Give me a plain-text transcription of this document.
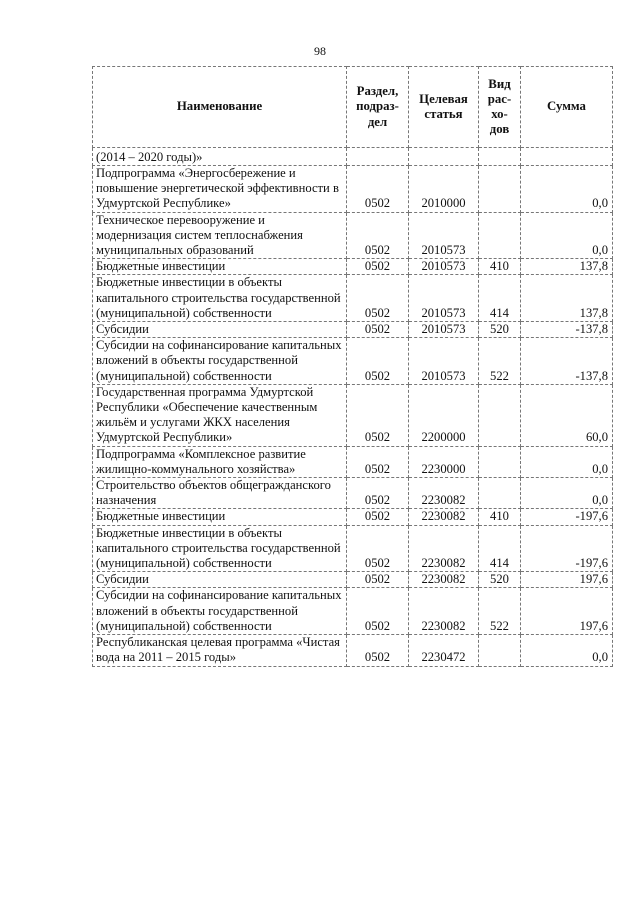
98
Наименование	Раздел, подраз-дел	Целевая статья	Вид рас-хо-дов	Сумма
(2014 – 2020 годы)»				
Подпрограмма «Энергосбережение и повышение энергетической эффективности в Удмуртской Республике»	0502	2010000		0,0
Техническое перевооружение и модернизация систем теплоснабжения муниципальных образований	0502	2010573		0,0
Бюджетные инвестиции	0502	2010573	410	137,8
Бюджетные инвестиции в объекты капитального строительства государственной (муниципальной) собственности	0502	2010573	414	137,8
Субсидии	0502	2010573	520	-137,8
Субсидии на софинансирование капитальных вложений в объекты государственной (муниципальной) собственности	0502	2010573	522	-137,8
Государственная программа Удмуртской Республики «Обеспечение качественным жильём и услугами ЖКХ населения Удмуртской Республики»	0502	2200000		60,0
Подпрограмма «Комплексное развитие жилищно-коммунального хозяйства»	0502	2230000		0,0
Строительство объектов общегражданского назначения	0502	2230082		0,0
Бюджетные инвестиции	0502	2230082	410	-197,6
Бюджетные инвестиции в объекты капитального строительства государственной (муниципальной) собственности	0502	2230082	414	-197,6
Субсидии	0502	2230082	520	197,6
Субсидии на софинансирование капитальных вложений в объекты государственной (муниципальной) собственности	0502	2230082	522	197,6
Республиканская целевая программа «Чистая вода на 2011 – 2015 годы»	0502	2230472		0,0
